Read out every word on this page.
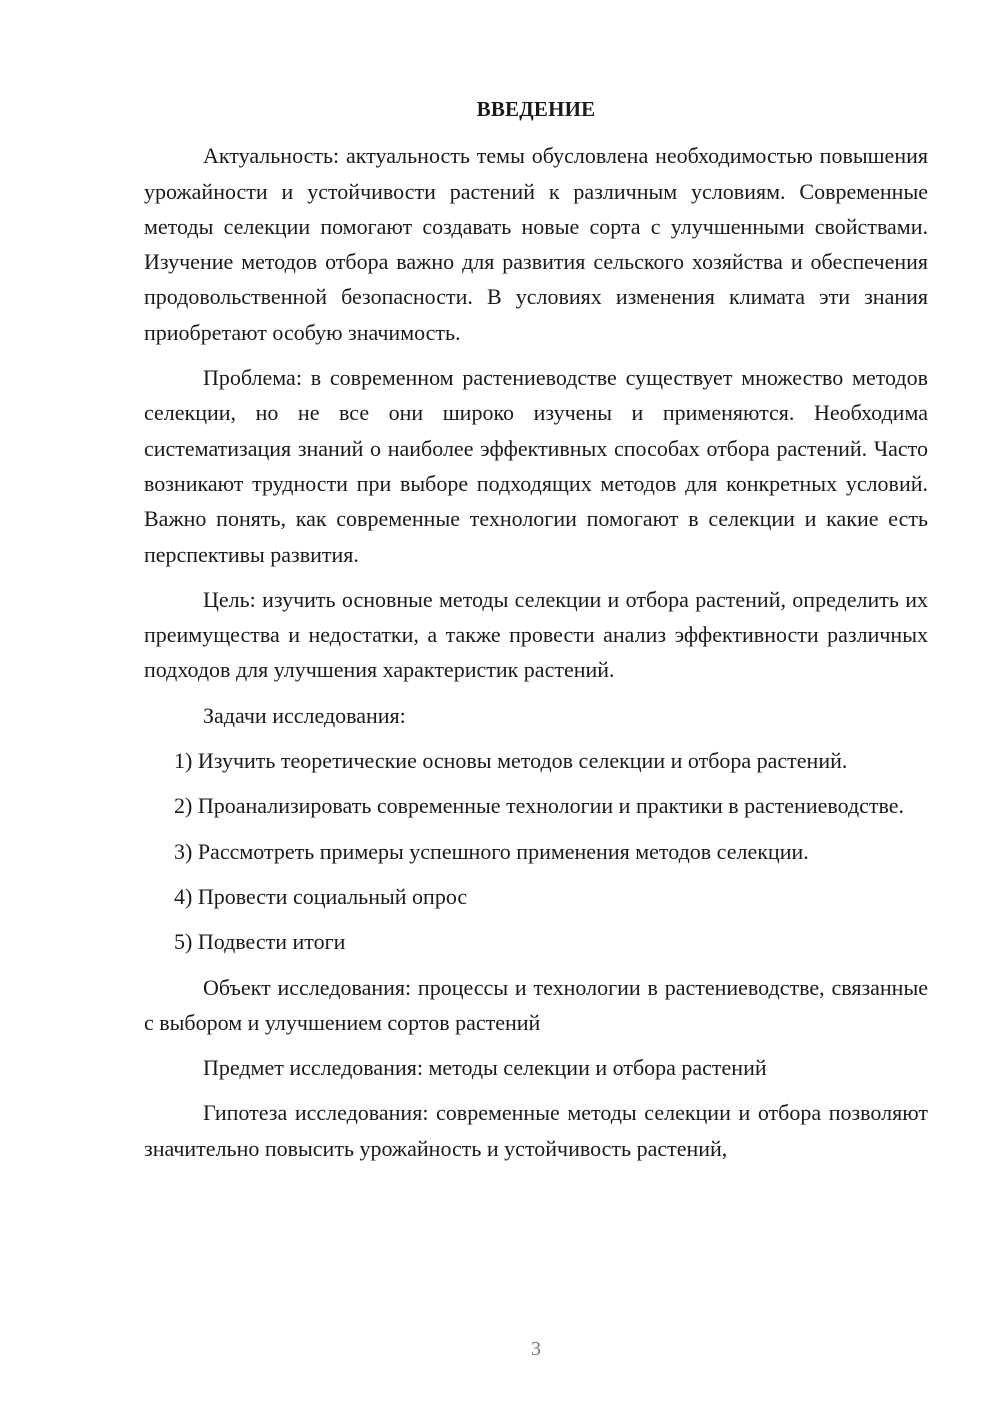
ВВЕДЕНИЕ

Актуальность: актуальность темы обусловлена необходимостью повышения урожайности и устойчивости растений к различным условиям. Современные методы селекции помогают создавать новые сорта с улучшенными свойствами. Изучение методов отбора важно для развития сельского хозяйства и обеспечения продовольственной безопасности. В условиях изменения климата эти знания приобретают особую значимость.

Проблема: в современном растениеводстве существует множество методов селекции, но не все они широко изучены и применяются. Необходима систематизация знаний о наиболее эффективных способах отбора растений. Часто возникают трудности при выборе подходящих методов для конкретных условий. Важно понять, как современные технологии помогают в селекции и какие есть перспективы развития.

Цель: изучить основные методы селекции и отбора растений, определить их преимущества и недостатки, а также провести анализ эффективности различных подходов для улучшения характеристик растений.

Задачи исследования:

1) Изучить теоретические основы методов селекции и отбора растений.

2) Проанализировать современные технологии и практики в растениеводстве.

3) Рассмотреть примеры успешного применения методов селекции.

4) Провести социальный опрос

5) Подвести итоги

Объект исследования: процессы и технологии в растениеводстве, связанные с выбором и улучшением сортов растений

Предмет исследования: методы селекции и отбора растений

Гипотеза исследования: современные методы селекции и отбора позволяют значительно повысить урожайность и устойчивость растений,

3
